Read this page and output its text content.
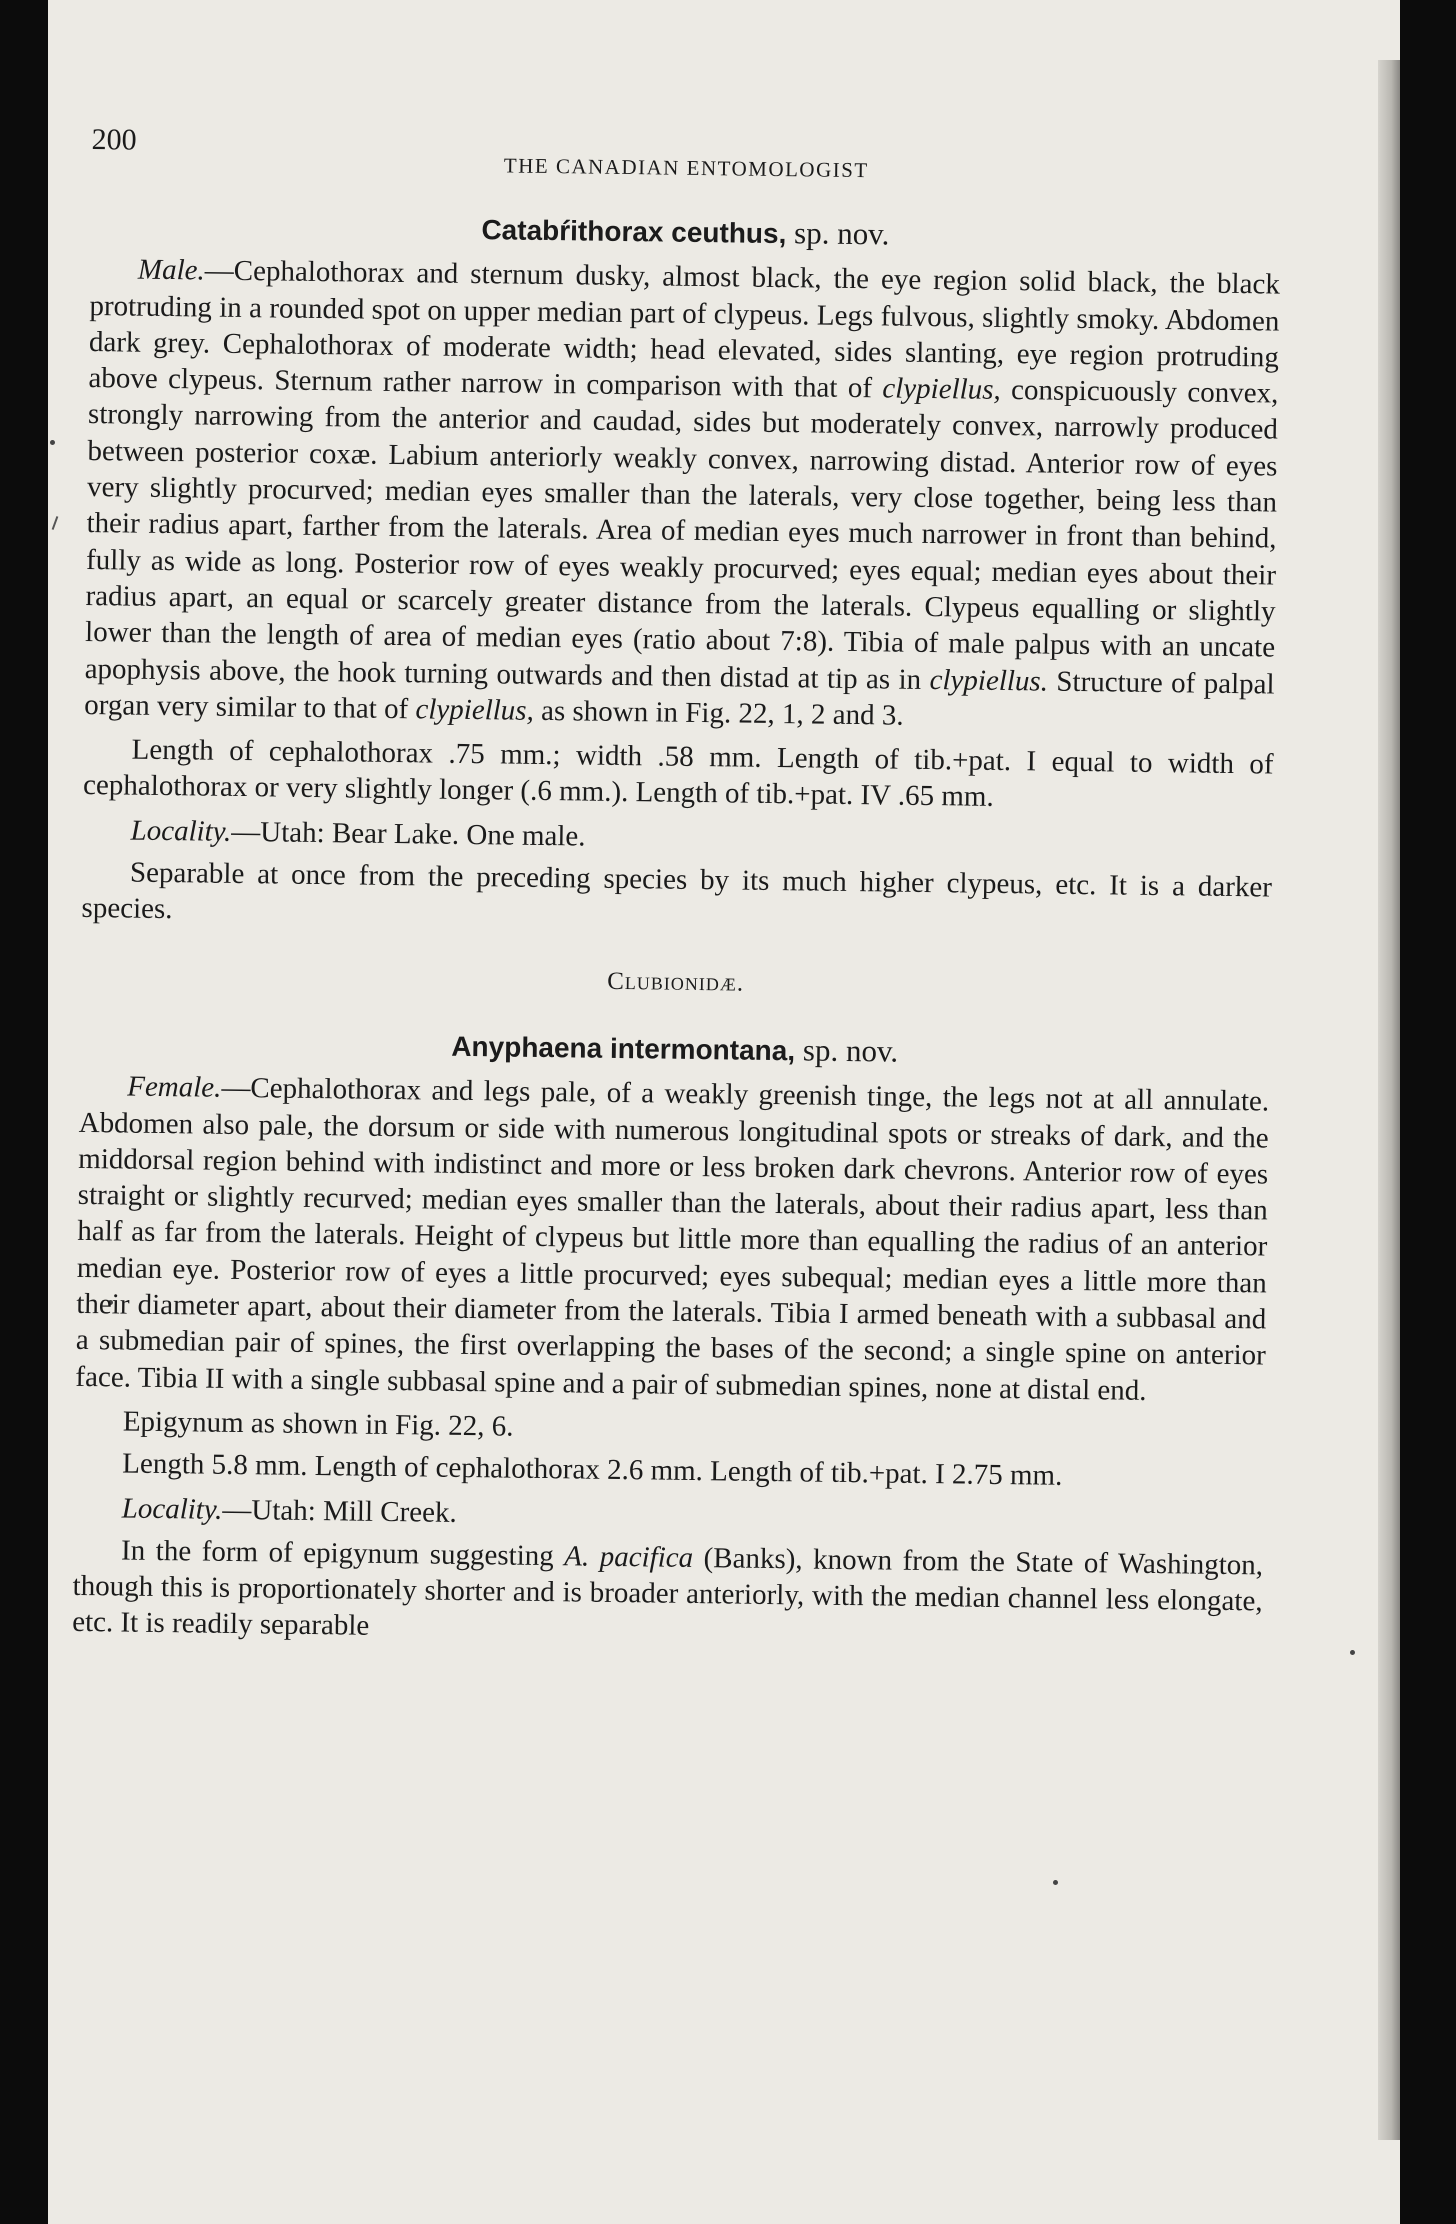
200
THE CANADIAN ENTOMOLOGIST
Catabŕithorax ceuthus, sp. nov.

Male.—Cephalothorax and sternum dusky, almost black, the eye region solid black, the black protruding in a rounded spot on upper median part of clypeus. Legs fulvous, slightly smoky. Abdomen dark grey. Cephalothorax of moderate width; head elevated, sides slanting, eye region protruding above clypeus. Sternum rather narrow in comparison with that of clypiellus, conspicuously convex, strongly narrowing from the anterior and caudad, sides but moderately convex, narrowly produced between posterior coxæ. Labium anteriorly weakly convex, narrowing distad. Anterior row of eyes very slightly procurved; median eyes smaller than the laterals, very close together, being less than their radius apart, farther from the laterals. Area of median eyes much narrower in front than behind, fully as wide as long. Posterior row of eyes weakly procurved; eyes equal; median eyes about their radius apart, an equal or scarcely greater distance from the laterals. Clypeus equalling or slightly lower than the length of area of median eyes (ratio about 7:8). Tibia of male palpus with an uncate apophysis above, the hook turning outwards and then distad at tip as in clypiellus. Structure of palpal organ very similar to that of clypiellus, as shown in Fig. 22, 1, 2 and 3.

Length of cephalothorax .75 mm.; width .58 mm. Length of tib.+pat. I equal to width of cephalothorax or very slightly longer (.6 mm.). Length of tib.+pat. IV .65 mm.

Locality.—Utah: Bear Lake. One male.

Separable at once from the preceding species by its much higher clypeus, etc. It is a darker species.

Clubionidæ.
Anyphaena intermontana, sp. nov.

Female.—Cephalothorax and legs pale, of a weakly greenish tinge, the legs not at all annulate. Abdomen also pale, the dorsum or side with numerous longitudinal spots or streaks of dark, and the middorsal region behind with indistinct and more or less broken dark chevrons. Anterior row of eyes straight or slightly recurved; median eyes smaller than the laterals, about their radius apart, less than half as far from the laterals. Height of clypeus but little more than equalling the radius of an anterior median eye. Posterior row of eyes a little procurved; eyes subequal; median eyes a little more than their diameter apart, about their diameter from the laterals. Tibia I armed beneath with a subbasal and a submedian pair of spines, the first overlapping the bases of the second; a single spine on anterior face. Tibia II with a single subbasal spine and a pair of submedian spines, none at distal end.

Epigynum as shown in Fig. 22, 6.

Length 5.8 mm. Length of cephalothorax 2.6 mm. Length of tib.+pat. I 2.75 mm.

Locality.—Utah: Mill Creek.

In the form of epigynum suggesting A. pacifica (Banks), known from the State of Washington, though this is proportionately shorter and is broader anteriorly, with the median channel less elongate, etc. It is readily separable
